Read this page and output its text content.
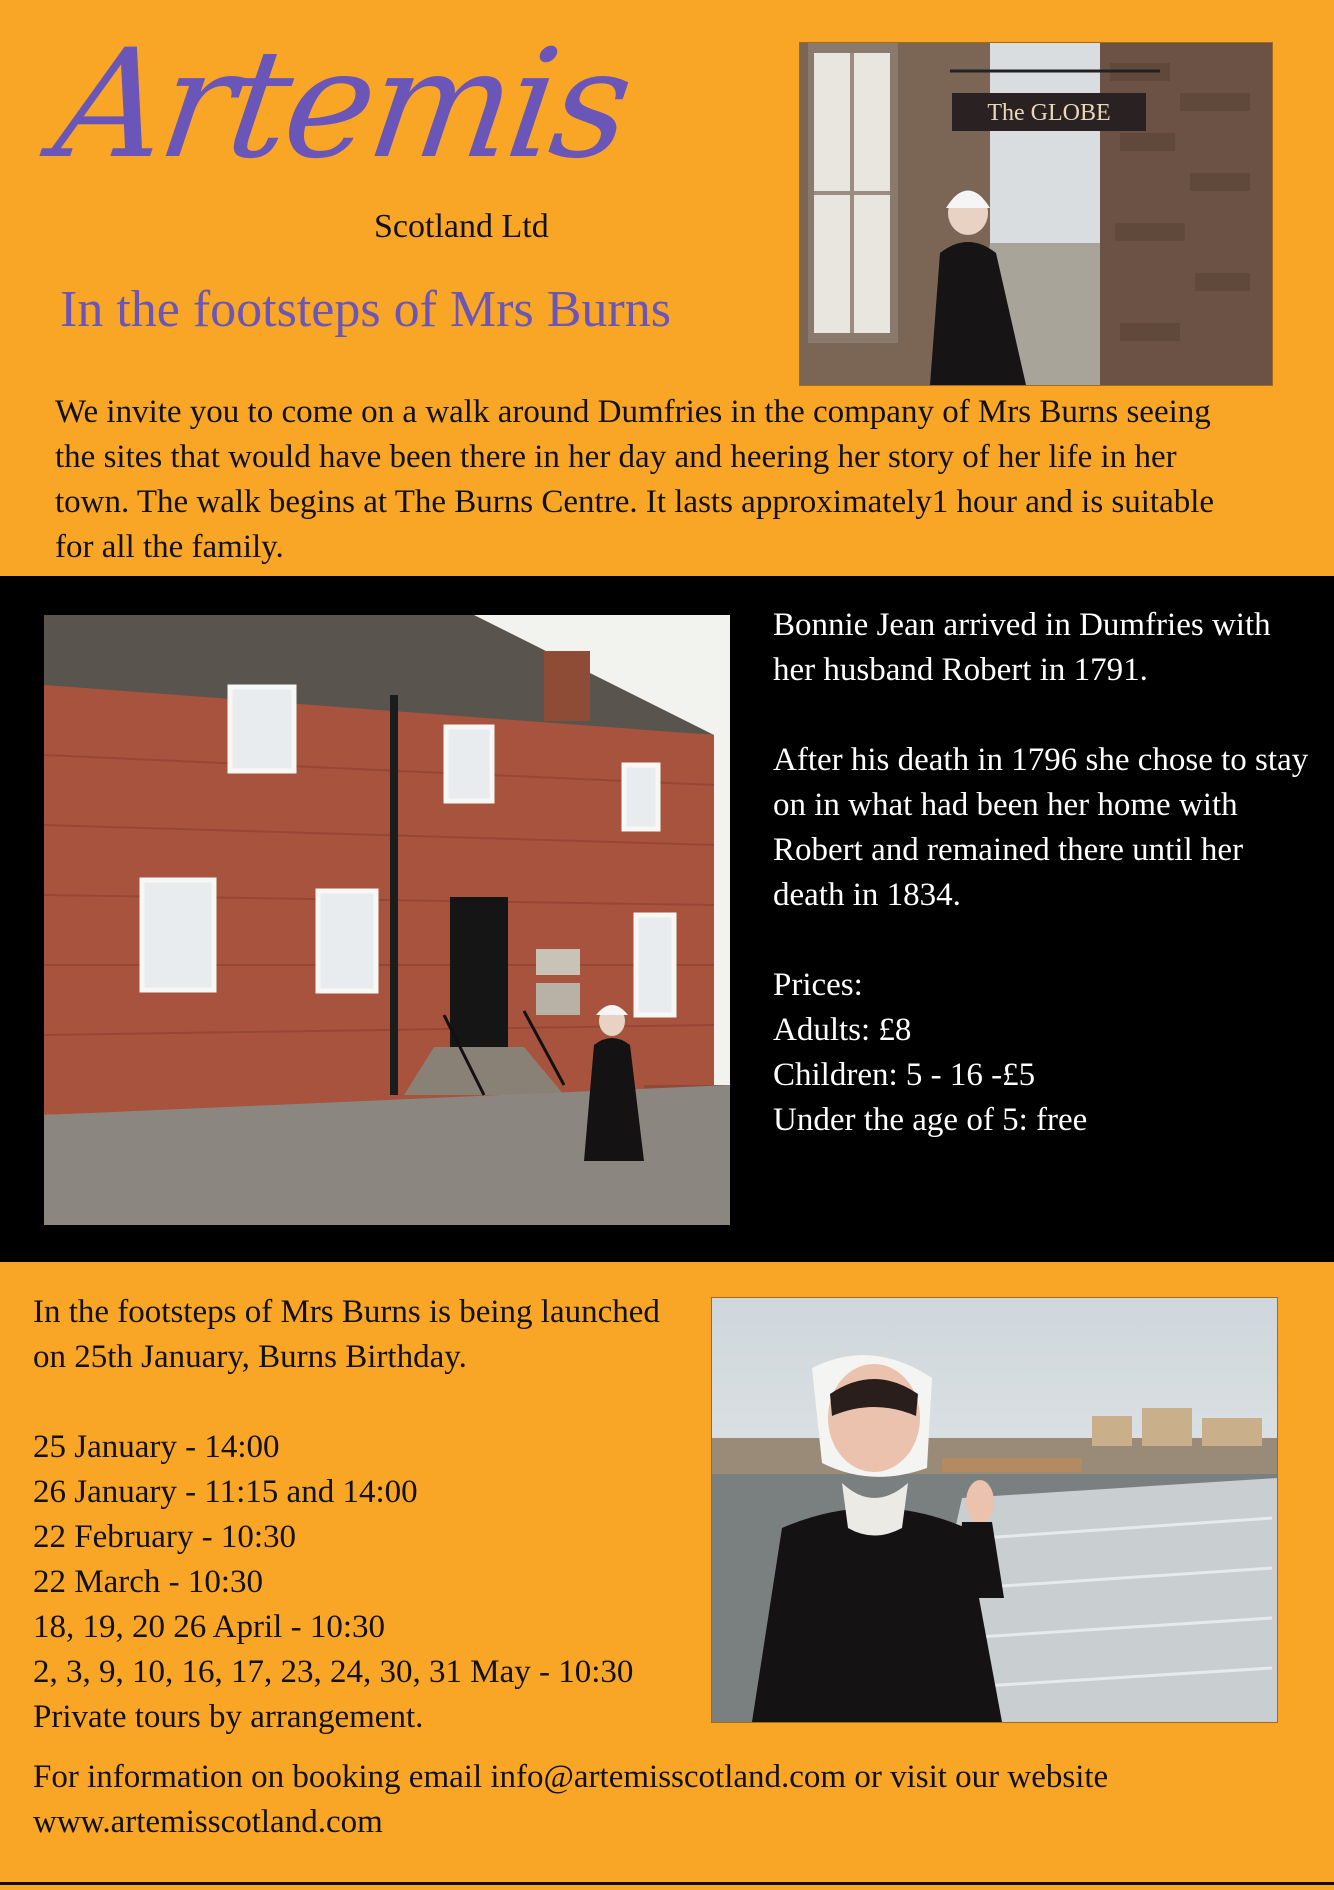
Artemis
Scotland Ltd
In the footsteps of Mrs Burns
The GLOBE

We invite you to come on a walk around Dumfries in the company of Mrs Burns seeing the sites that would have been there in her day and heering her story of her life in her town. The walk begins at The Burns Centre. It lasts approximately1 hour and is suitable for all the family.

Bonnie Jean arrived in Dumfries with her husband Robert in 1791.

After his death in 1796 she chose to stay on in what had been her home with Robert and remained there until her death in 1834.

Prices:

Adults: £8

Children: 5 - 16 -£5

Under the age of 5: free

In the footsteps of Mrs Burns is being launched on 25th January, Burns Birthday.

25 January - 14:00

26 January - 11:15 and 14:00

22 February - 10:30

22 March - 10:30

18, 19, 20 26 April - 10:30

2, 3, 9, 10, 16, 17, 23, 24, 30, 31 May - 10:30

Private tours by arrangement.

For information on booking email info@artemisscotland.com or visit our website www.artemisscotland.com
